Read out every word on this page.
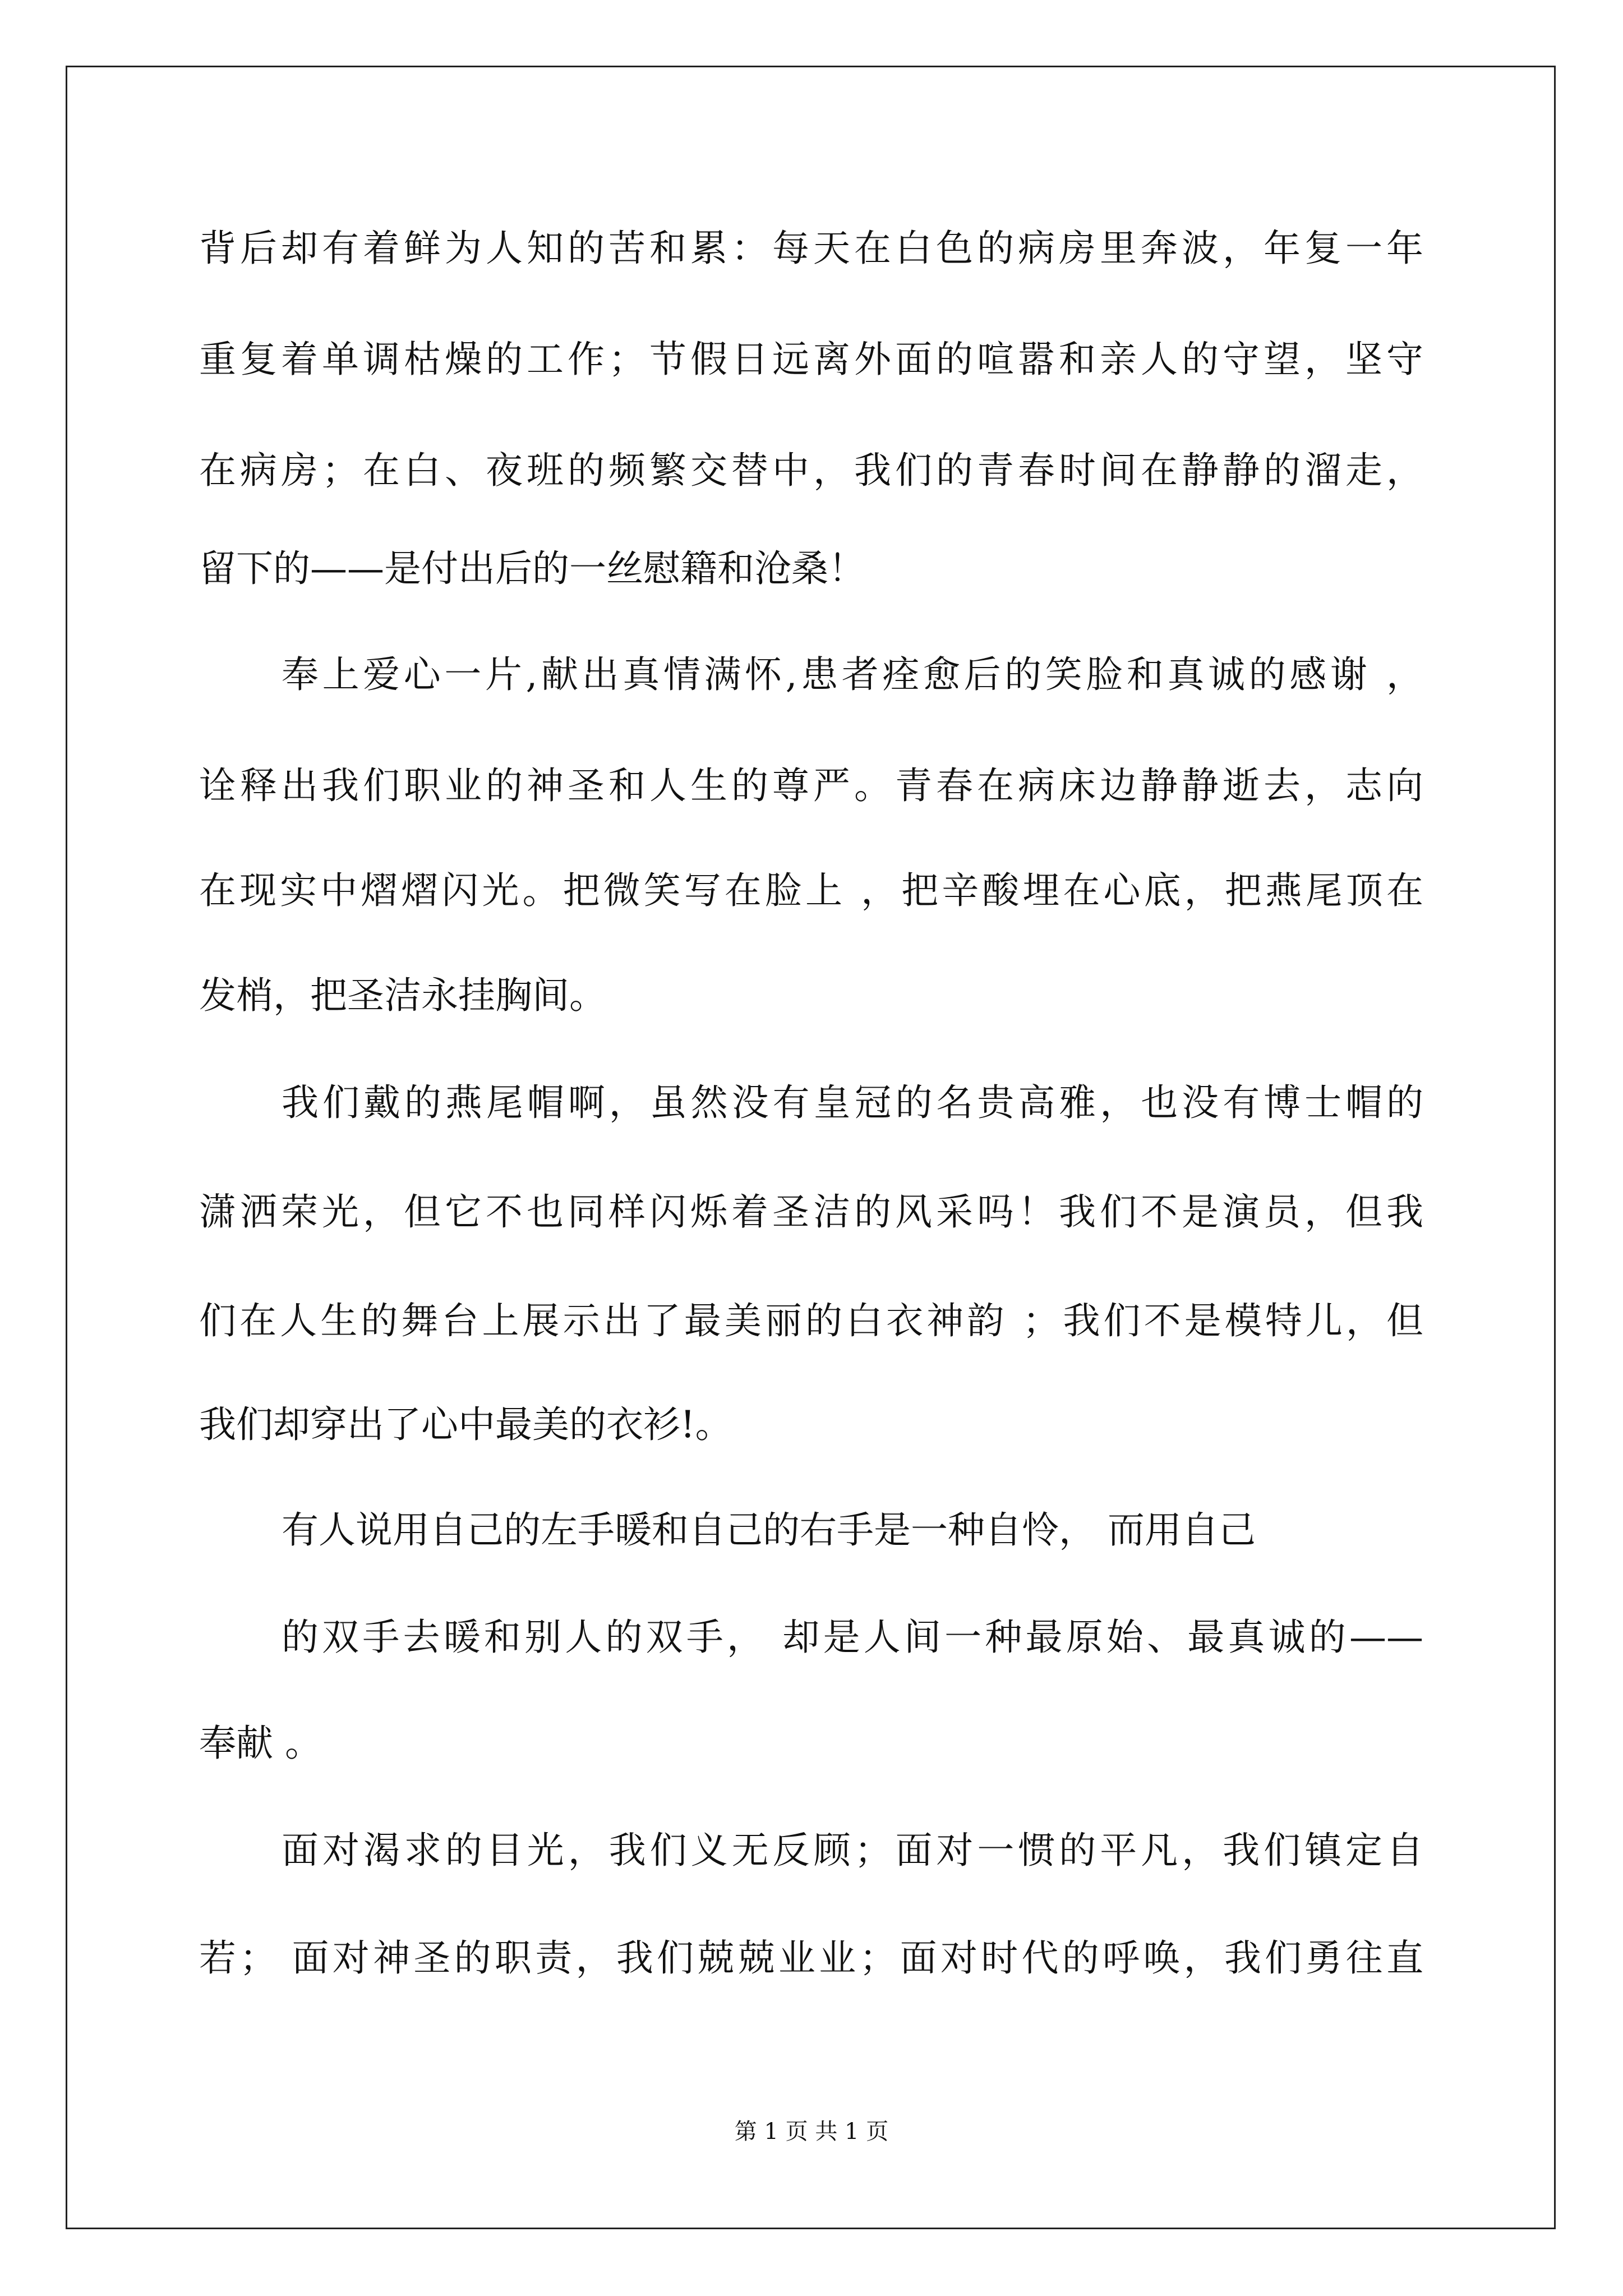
背后却有着鲜为人知的苦和累：每天在白色的病房里奔波，年复一年
重复着单调枯燥的工作；节假日远离外面的喧嚣和亲人的守望，坚守
在病房；在白、夜班的频繁交替中，我们的青春时间在静静的溜走，
留下的——是付出后的一丝慰籍和沧桑！
奉上爱心一片,献出真情满怀,患者痊愈后的笑脸和真诚的感谢 ，
诠释出我们职业的神圣和人生的尊严。青春在病床边静静逝去，志向
在现实中熠熠闪光。把微笑写在脸上 ，把辛酸埋在心底，把燕尾顶在
发梢，把圣洁永挂胸间。
我们戴的燕尾帽啊，虽然没有皇冠的名贵高雅，也没有博士帽的
潇洒荣光，但它不也同样闪烁着圣洁的风采吗！我们不是演员，但我
们在人生的舞台上展示出了最美丽的白衣神韵 ；我们不是模特儿，但
我们却穿出了心中最美的衣衫!。
有人说用自己的左手暖和自己的右手是一种自怜， 而用自己
的双手去暖和别人的双手， 却是人间一种最原始、最真诚的——
奉献 。
面对渴求的目光，我们义无反顾；面对一惯的平凡，我们镇定自
若； 面对神圣的职责，我们兢兢业业；面对时代的呼唤，我们勇往直
第 1 页 共 1 页
